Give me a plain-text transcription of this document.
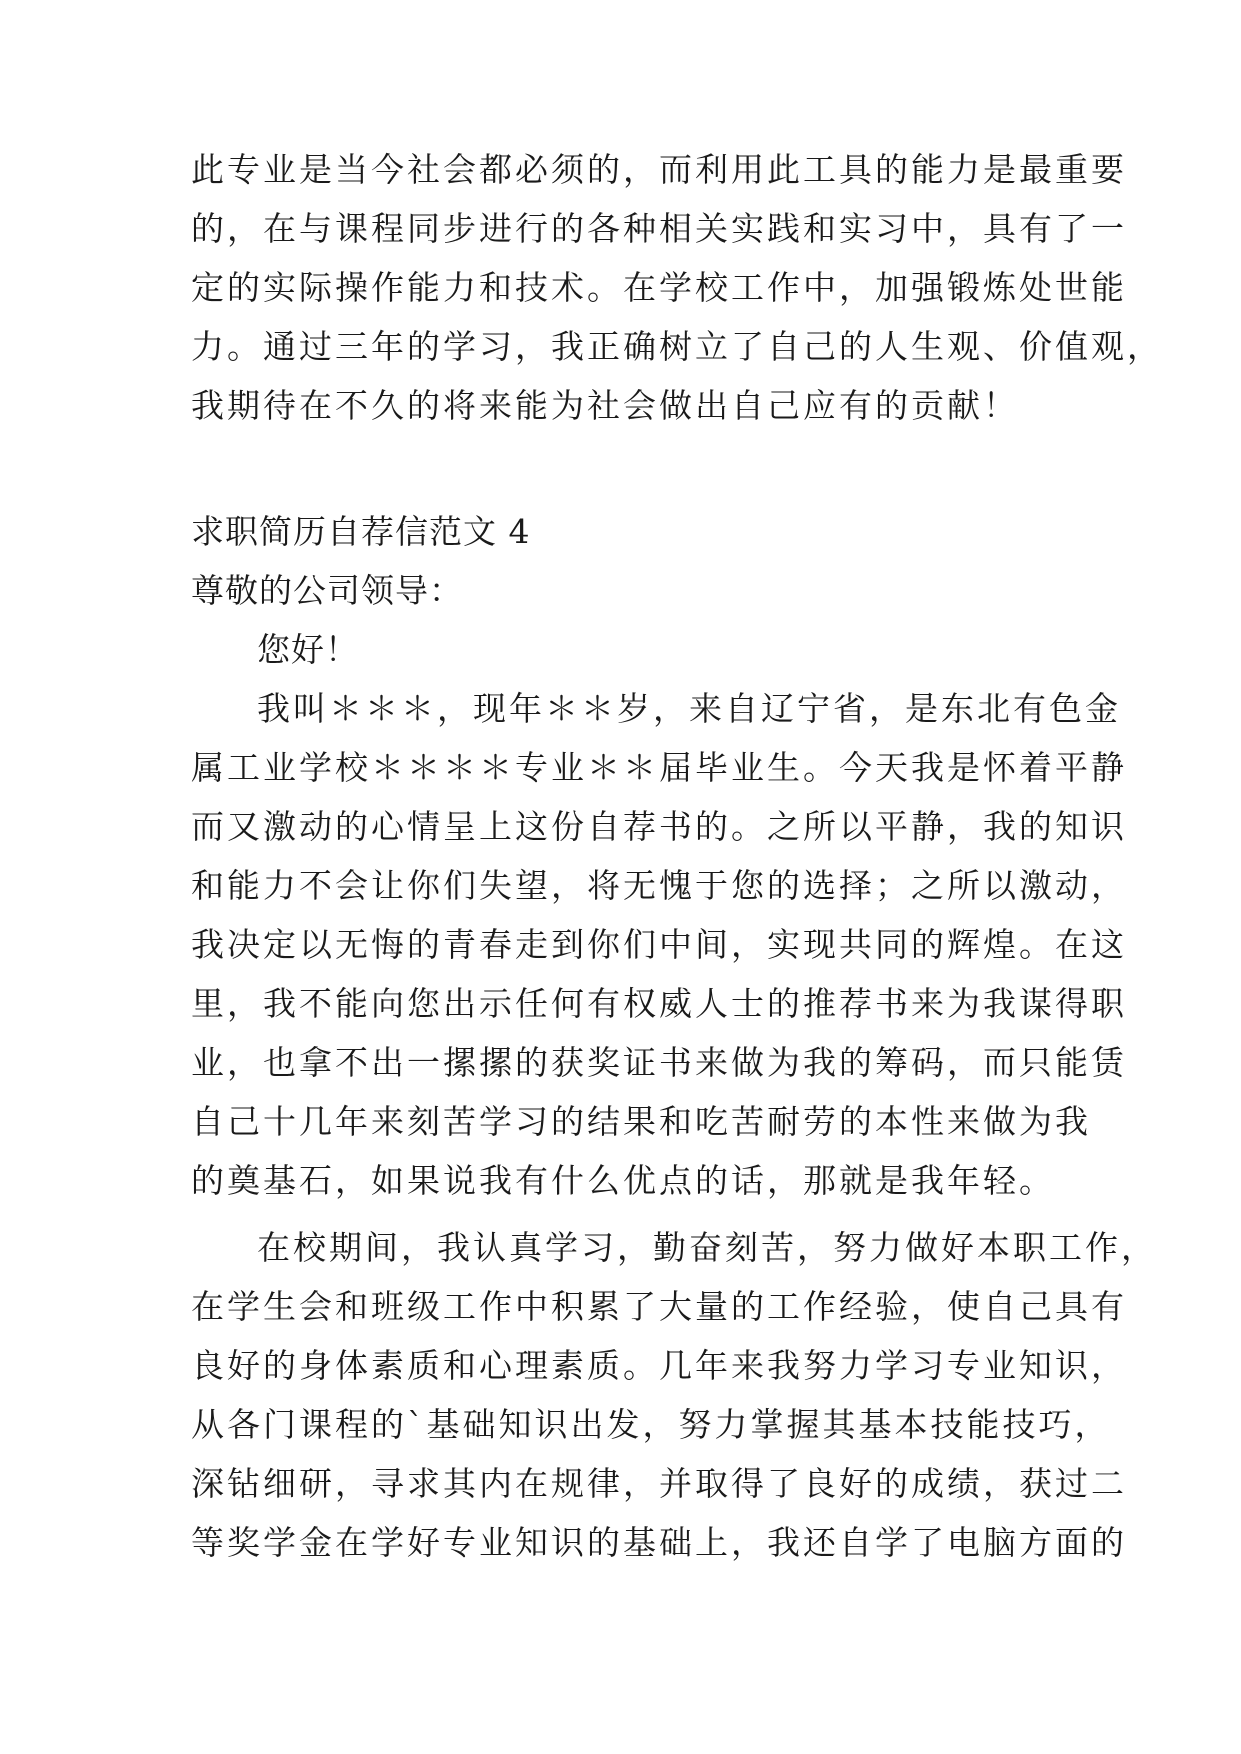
此专业是当今社会都必须的，而利用此工具的能力是最重要
的，在与课程同步进行的各种相关实践和实习中，具有了一
定的实际操作能力和技术。在学校工作中，加强锻炼处世能
力。通过三年的学习，我正确树立了自己的人生观、价值观，
我期待在不久的将来能为社会做出自己应有的贡献！
求职简历自荐信范文 4
尊敬的公司领导：
您好！
我叫＊＊＊，现年＊＊岁，来自辽宁省，是东北有色金
属工业学校＊＊＊＊专业＊＊届毕业生。今天我是怀着平静
而又激动的心情呈上这份自荐书的。之所以平静，我的知识
和能力不会让你们失望，将无愧于您的选择；之所以激动，
我决定以无悔的青春走到你们中间，实现共同的辉煌。在这
里，我不能向您出示任何有权威人士的推荐书来为我谋得职
业，也拿不出一摞摞的获奖证书来做为我的筹码，而只能赁
自己十几年来刻苦学习的结果和吃苦耐劳的本性来做为我
的奠基石，如果说我有什么优点的话，那就是我年轻。
在校期间，我认真学习，勤奋刻苦，努力做好本职工作，
在学生会和班级工作中积累了大量的工作经验，使自己具有
良好的身体素质和心理素质。几年来我努力学习专业知识，
从各门课程的`基础知识出发，努力掌握其基本技能技巧，
深钻细研，寻求其内在规律，并取得了良好的成绩，获过二
等奖学金在学好专业知识的基础上，我还自学了电脑方面的
